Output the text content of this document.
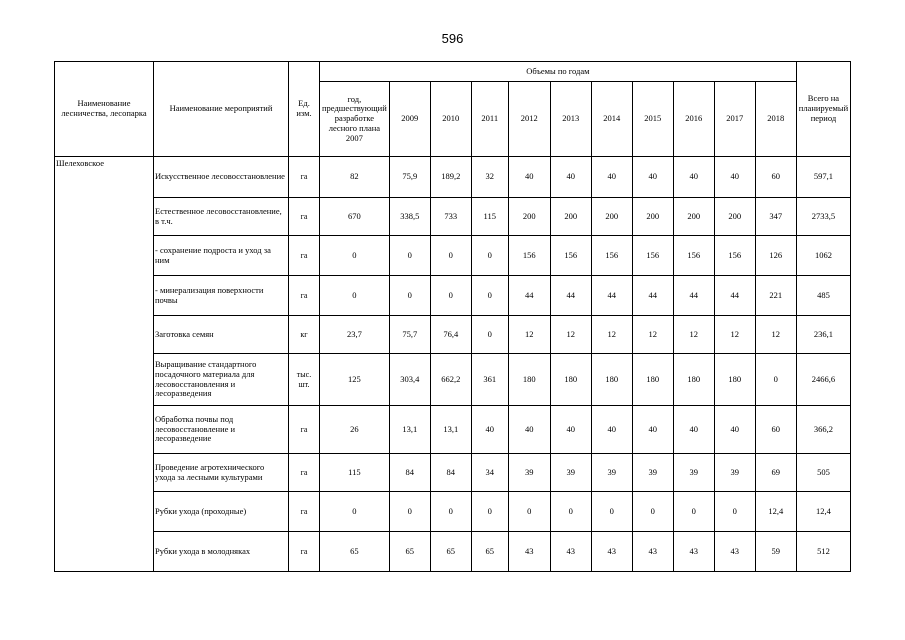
596
Наименование лесничества, лесопарка	Наименование мероприятий	Ед. изм.	Объемы по годам											Всего на планируемый период
			год, предшествующий разработке лесного плана 2007	2009	2010	2011	2012	2013	2014	2015	2016	2017	2018	
Шелеховское	Искусственное лесовосстановление	га	82	75,9	189,2	32	40	40	40	40	40	40	60	597,1
	Естественное лесовосстановление, в т.ч.	га	670	338,5	733	115	200	200	200	200	200	200	347	2733,5
	- сохранение подроста и уход за ним	га	0	0	0	0	156	156	156	156	156	156	126	1062
	- минерализация поверхности почвы	га	0	0	0	0	44	44	44	44	44	44	221	485
	Заготовка семян	кг	23,7	75,7	76,4	0	12	12	12	12	12	12	12	236,1
	Выращивание стандартного посадочного материала для лесовосстановления и лесоразведения	тыс. шт.	125	303,4	662,2	361	180	180	180	180	180	180	0	2466,6
	Обработка почвы под лесовосстановление и лесоразведение	га	26	13,1	13,1	40	40	40	40	40	40	40	60	366,2
	Проведение агротехнического ухода за лесными культурами	га	115	84	84	34	39	39	39	39	39	39	69	505
	Рубки ухода (проходные)	га	0	0	0	0	0	0	0	0	0	0	12,4	12,4
	Рубки ухода в молодняках	га	65	65	65	65	43	43	43	43	43	43	59	512
